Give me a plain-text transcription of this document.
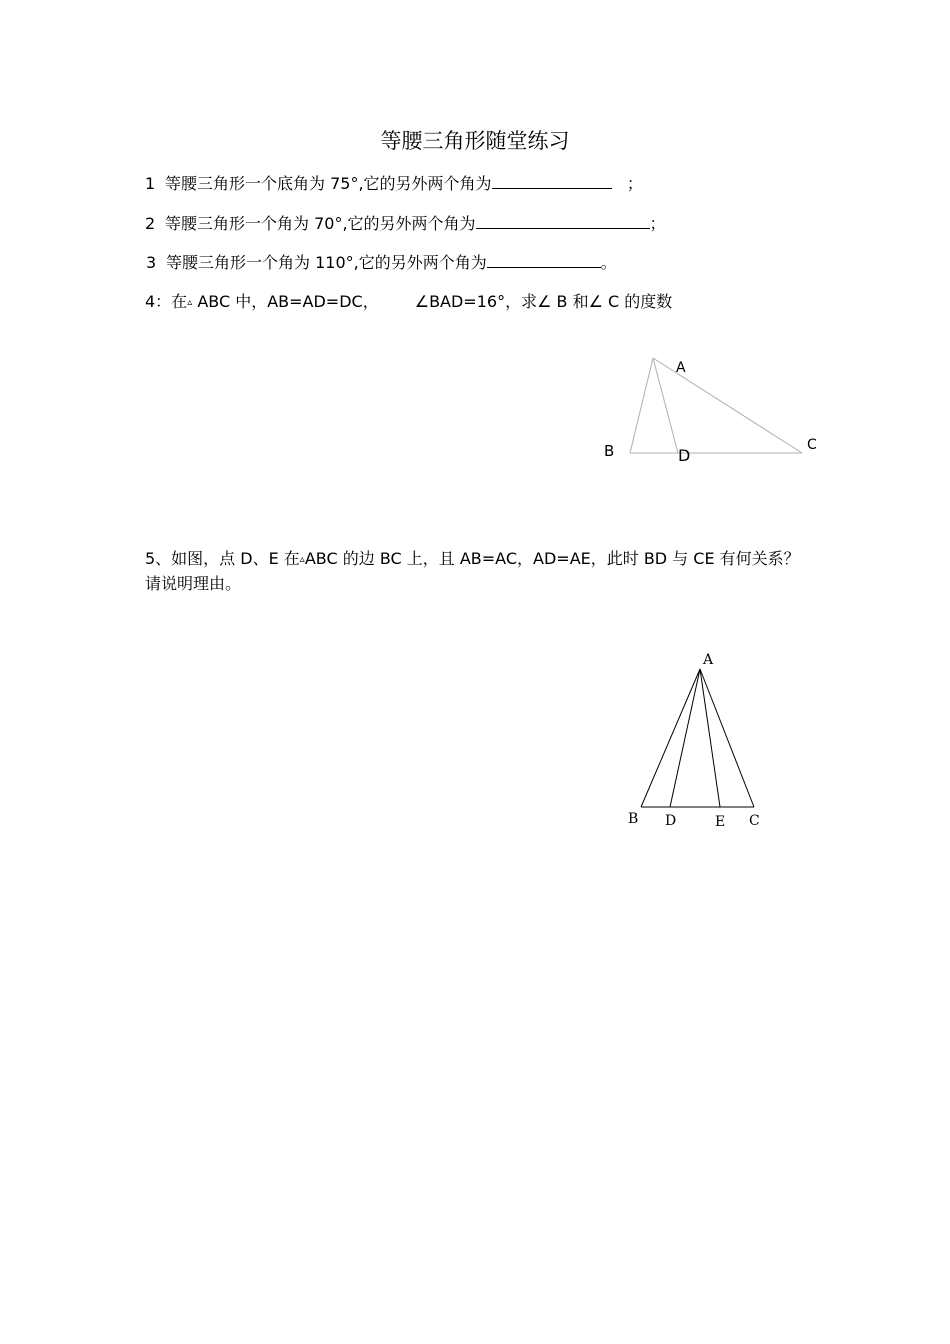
等腰三角形随堂练习
1 等腰三角形一个底角为 75°,它的另外两个角为	；
2 等腰三角形一个角为 70°,它的另外两个角为	；
3 等腰三角形一个角为 110°,它的另外两个角为	。
4：在▵ ABC 中，AB=AD=DC， ∠BAD=16°，求∠ B 和∠ C 的度数
A
B	C
D
5、如图，点 D、E 在▵ABC 的边 BC 上，且 AB=AC，AD=AE，此时 BD 与 CE 有何关系？请说明理由。
A
B D	E C
